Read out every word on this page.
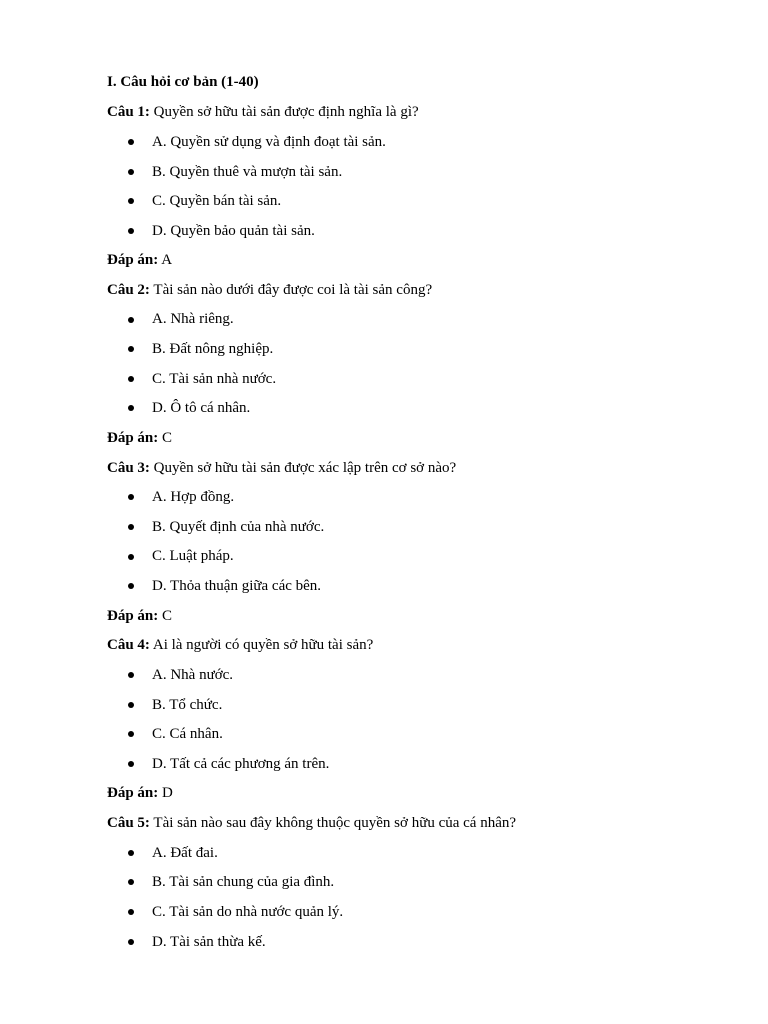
I. Câu hỏi cơ bản (1-40)
Câu 1: Quyền sở hữu tài sản được định nghĩa là gì?
A. Quyền sử dụng và định đoạt tài sản.
B. Quyền thuê và mượn tài sản.
C. Quyền bán tài sản.
D. Quyền bảo quản tài sản.
Đáp án: A
Câu 2: Tài sản nào dưới đây được coi là tài sản công?
A. Nhà riêng.
B. Đất nông nghiệp.
C. Tài sản nhà nước.
D. Ô tô cá nhân.
Đáp án: C
Câu 3: Quyền sở hữu tài sản được xác lập trên cơ sở nào?
A. Hợp đồng.
B. Quyết định của nhà nước.
C. Luật pháp.
D. Thỏa thuận giữa các bên.
Đáp án: C
Câu 4: Ai là người có quyền sở hữu tài sản?
A. Nhà nước.
B. Tổ chức.
C. Cá nhân.
D. Tất cả các phương án trên.
Đáp án: D
Câu 5: Tài sản nào sau đây không thuộc quyền sở hữu của cá nhân?
A. Đất đai.
B. Tài sản chung của gia đình.
C. Tài sản do nhà nước quản lý.
D. Tài sản thừa kế.
